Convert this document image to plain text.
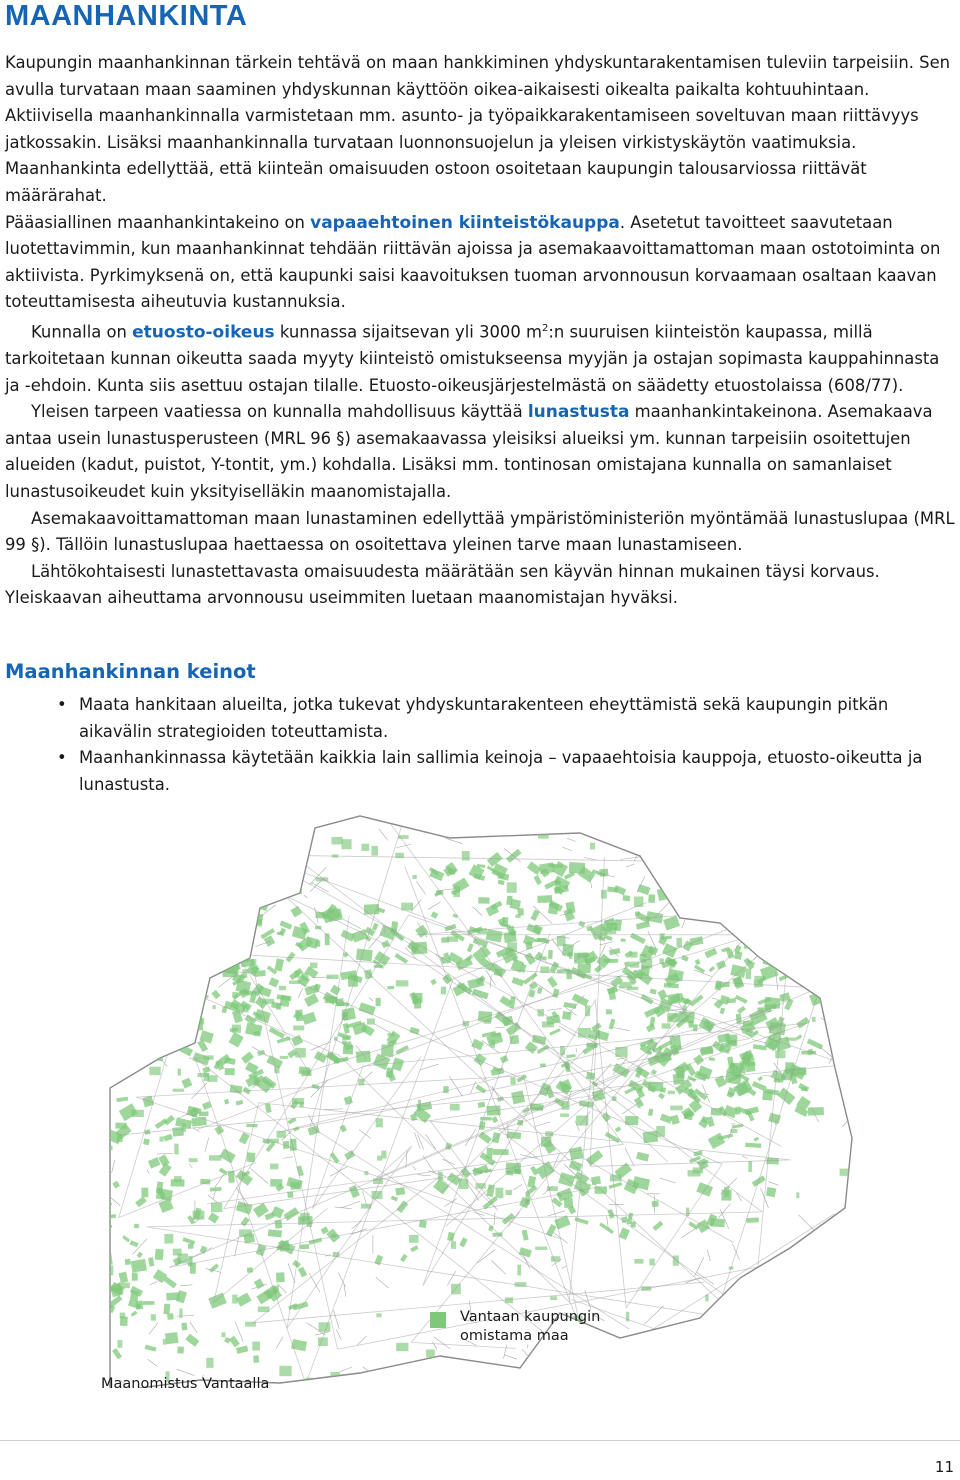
MAANHANKINTA

Kaupungin maanhankinnan tärkein tehtävä on maan hankkiminen yhdyskuntarakentamisen tuleviin tarpeisiin. Sen avulla turvataan maan saaminen yhdyskunnan käyttöön oikea-aikaisesti oikealta paikalta kohtuuhintaan. Aktiivisella maanhankinnalla varmistetaan mm. asunto- ja työpaikkarakentamiseen soveltuvan maan riittävyys jatkossakin. Lisäksi maanhankinnalla turvataan luonnonsuojelun ja yleisen virkistyskäytön vaatimuksia. Maanhankinta edellyttää, että kiinteän omaisuuden ostoon osoitetaan kaupungin talousarviossa riittävät määrärahat.

Pääasiallinen maanhankintakeino on vapaaehtoinen kiinteistökauppa. Asetetut tavoitteet saavutetaan luotettavimmin, kun maanhankinnat tehdään riittävän ajoissa ja asemakaavoittamattoman maan ostotoiminta on aktiivista. Pyrkimyksenä on, että kaupunki saisi kaavoituksen tuoman arvonnousun korvaamaan osaltaan kaavan toteuttamisesta aiheutuvia kustannuksia.

Kunnalla on etuosto-oikeus kunnassa sijaitsevan yli 3000 $m^2:n$ suuruisen kiinteistön kaupassa, millä tarkoitetaan kunnan oikeutta saada myyty kiinteistö omistukseensa myyjän ja ostajan sopimasta kauppahinnasta ja -ehdoin. Kunta siis asettuu ostajan tilalle. Etuosto-oikeusjärjestelmästä on säädetty etuostolaissa (608/77).

Yleisen tarpeen vaatiessa on kunnalla mahdollisuus käyttää lunastusta maanhankintakeinona. Asemakaava antaa usein lunastusperusteen (MRL 96 §) asemakaavassa yleisiksi alueiksi ym. kunnan tarpeisiin osoitettujen alueiden (kadut, puistot, Y-tontit, ym.) kohdalla. Lisäksi mm. tontinosan omistajana kunnalla on samanlaiset lunastusoikeudet kuin yksityiselläkin maanomistajalla.

Asemakaavoittamattoman maan lunastaminen edellyttää ympäristöministeriön myöntämää lunastuslupaa (MRL 99 §). Tällöin lunastuslupaa haettaessa on osoitettava yleinen tarve maan lunastamiseen.

Lähtökohtaisesti lunastettavasta omaisuudesta määrätään sen käyvän hinnan mukainen täysi korvaus. Yleiskaavan aiheuttama arvonnousu useimmiten luetaan maanomistajan hyväksi.

Maanhankinnan keinot
• Maata hankitaan alueilta, jotka tukevat yhdyskuntarakenteen eheyttämistä sekä kaupungin pitkän aikavälin strategioiden toteuttamista.
• Maanhankinnassa käytetään kaikkia lain sallimia keinoja – vapaaehtoisia kauppoja, etuosto-oikeutta ja lunastusta.
Vantaan kaupungin omistama maa
Maanomistus Vantaalla
11
